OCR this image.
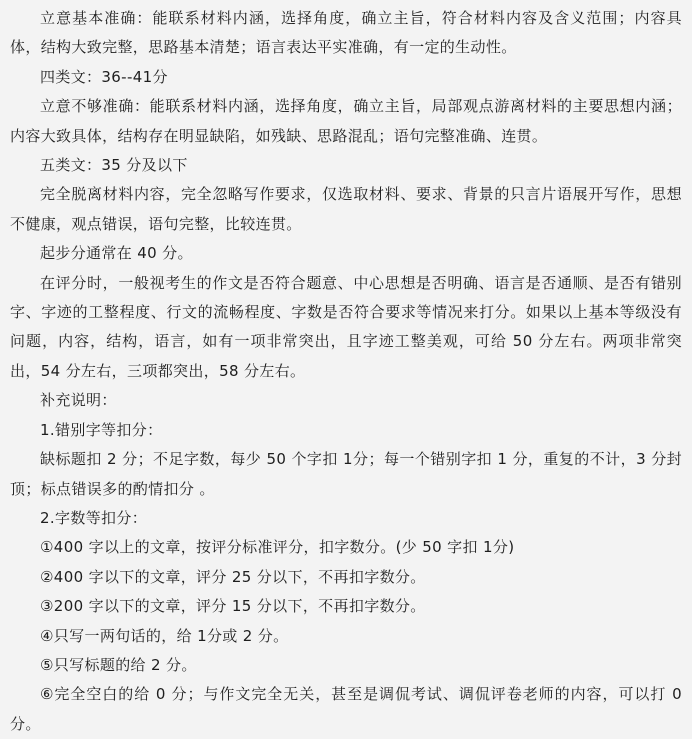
立意基本准确：能联系材料内涵，选择角度，确立主旨，符合材料内容及含义范围；内容具体，结构大致完整，思路基本清楚；语言表达平实准确，有一定的生动性。

四类文：36--41分

立意不够准确：能联系材料内涵，选择角度，确立主旨，局部观点游离材料的主要思想内涵；内容大致具体，结构存在明显缺陷，如残缺、思路混乱；语句完整准确、连贯。

五类文：35 分及以下

完全脱离材料内容，完全忽略写作要求，仅选取材料、要求、背景的只言片语展开写作，思想不健康，观点错误，语句完整，比较连贯。

起步分通常在 40 分。

在评分时，一般视考生的作文是否符合题意、中心思想是否明确、语言是否通顺、是否有错别字、字迹的工整程度、行文的流畅程度、字数是否符合要求等情况来打分。如果以上基本等级没有问题，内容，结构，语言，如有一项非常突出，且字迹工整美观，可给 50 分左右。两项非常突出，54 分左右，三项都突出，58 分左右。

补充说明：

1.错别字等扣分：

缺标题扣 2 分；不足字数，每少 50 个字扣 1分；每一个错别字扣 1 分，重复的不计，3 分封顶；标点错误多的酌情扣分 。

2.字数等扣分：

①400 字以上的文章，按评分标准评分，扣字数分。(少 50 字扣 1分)

②400 字以下的文章，评分 25 分以下，不再扣字数分。

③200 字以下的文章，评分 15 分以下，不再扣字数分。

④只写一两句话的，给 1分或 2 分。

⑤只写标题的给 2 分。

⑥完全空白的给 0 分；与作文完全无关，甚至是调侃考试、调侃评卷老师的内容，可以打 0 分。
